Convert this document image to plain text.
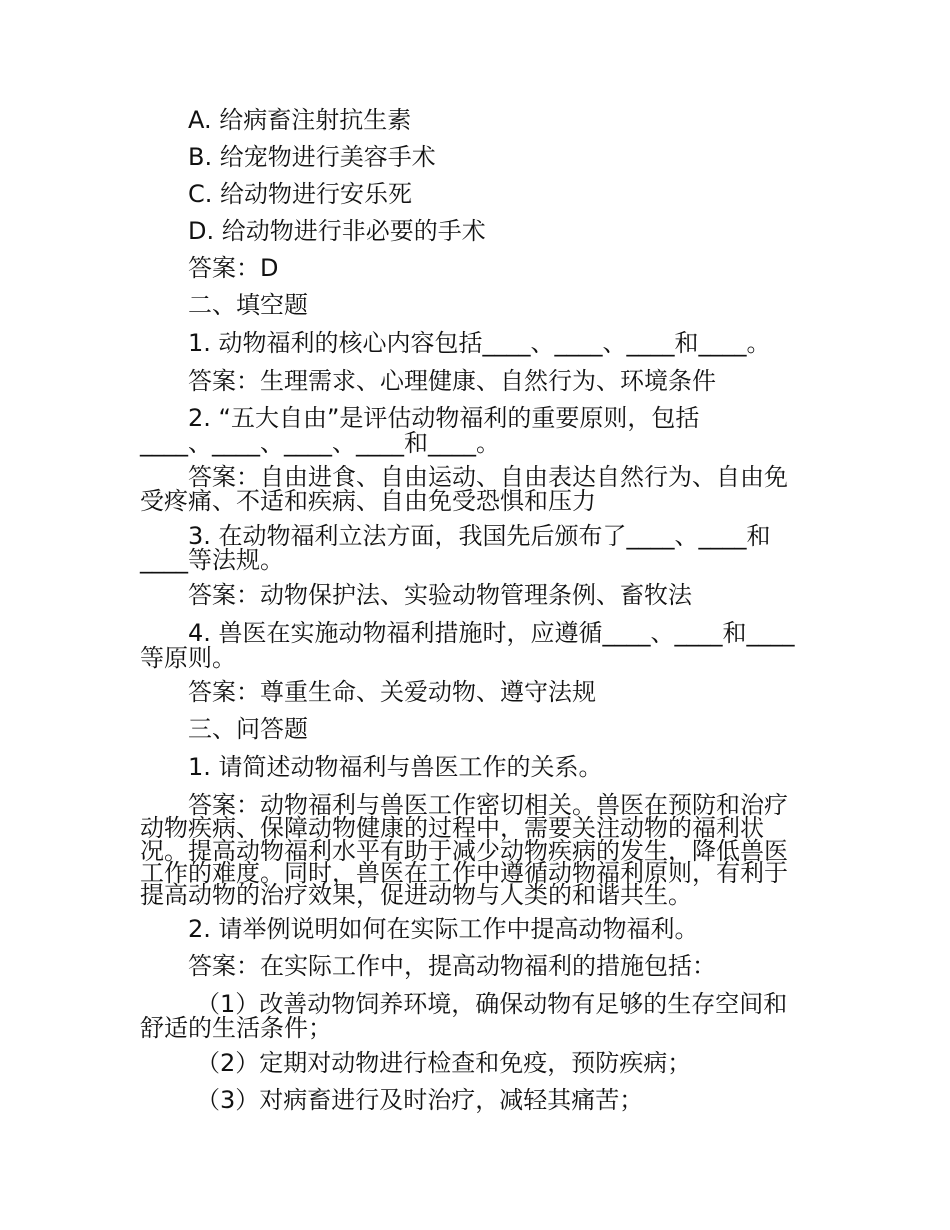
A. 给病畜注射抗生素
B. 给宠物进行美容手术
C. 给动物进行安乐死
D. 给动物进行非必要的手术
答案：D
二、填空题
1. 动物福利的核心内容包括____、____、____和____。
答案：生理需求、心理健康、自然行为、环境条件
2. “五大自由”是评估动物福利的重要原则，包括
____、____、____、____和____。
答案：自由进食、自由运动、自由表达自然行为、自由免
受疼痛、不适和疾病、自由免受恐惧和压力
3. 在动物福利立法方面，我国先后颁布了____、____和
____等法规。
答案：动物保护法、实验动物管理条例、畜牧法
4. 兽医在实施动物福利措施时，应遵循____、____和____
等原则。
答案：尊重生命、关爱动物、遵守法规
三、问答题
1. 请简述动物福利与兽医工作的关系。
答案：动物福利与兽医工作密切相关。兽医在预防和治疗
动物疾病、保障动物健康的过程中，需要关注动物的福利状
况。提高动物福利水平有助于减少动物疾病的发生，降低兽医
工作的难度。同时，兽医在工作中遵循动物福利原则，有利于
提高动物的治疗效果，促进动物与人类的和谐共生。
2. 请举例说明如何在实际工作中提高动物福利。
答案：在实际工作中，提高动物福利的措施包括：
（1）改善动物饲养环境，确保动物有足够的生存空间和
舒适的生活条件；
（2）定期对动物进行检查和免疫，预防疾病；
（3）对病畜进行及时治疗，减轻其痛苦；
